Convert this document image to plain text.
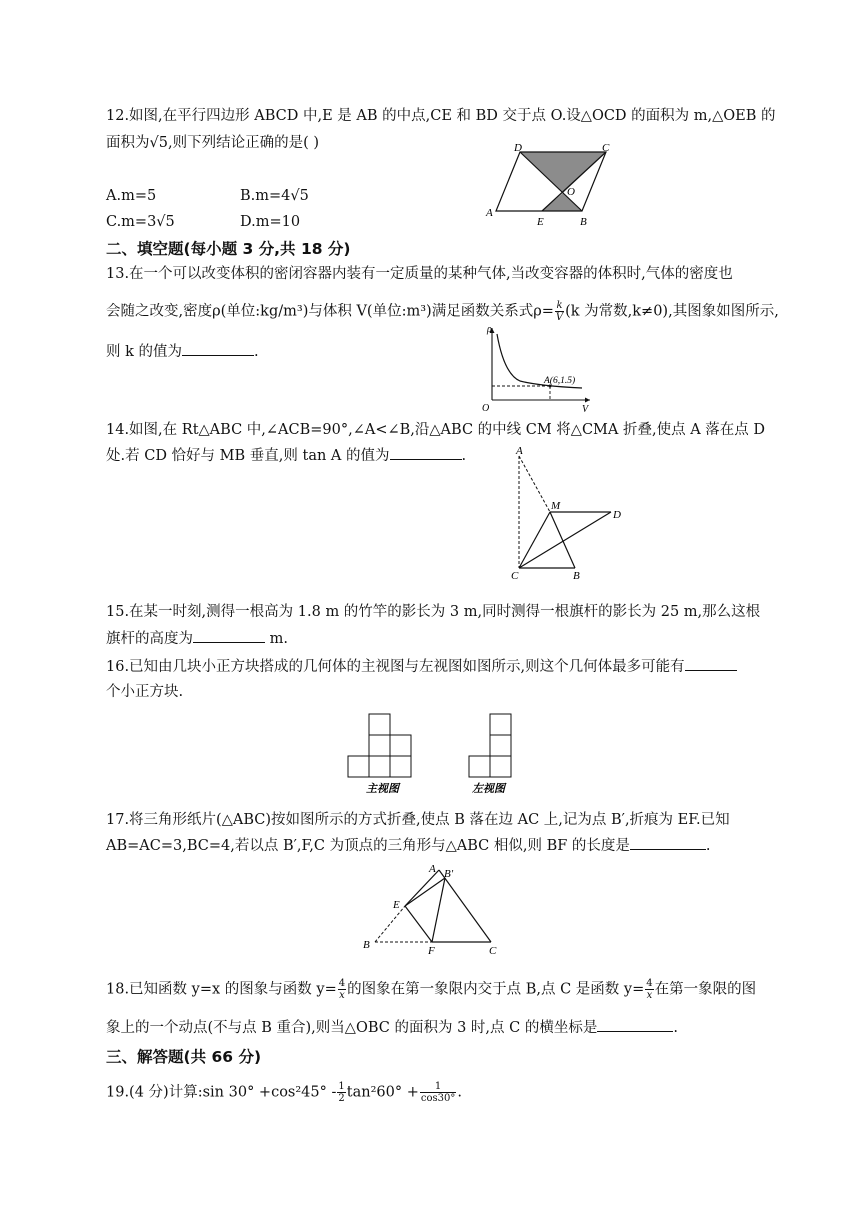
12.如图,在平行四边形 ABCD 中,E 是 AB 的中点,CE 和 BD 交于点 O.设△OCD 的面积为 m,△OEB 的
面积为√5,则下列结论正确的是( )
A.m=5	B.m=4√5
C.m=3√5	D.m=10
D	C
O
A
E	B
二、填空题(每小题 3 分,共 18 分)
13.在一个可以改变体积的密闭容器内装有一定质量的某种气体,当改变容器的体积时,气体的密度也
会随之改变,密度ρ(单位:kg/m³)与体积 V(单位:m³)满足函数关系式$\rho= \frac{k}{V} (k$ 为常数,k≠0),其图象如图所示,
则 k 的值为	.
ρ
V
O
A(6,1.5)
14.如图,在 Rt△ABC 中,∠ACB=90°,∠A<∠B,沿△ABC 的中线 CM 将△CMA 折叠,使点 A 落在点 D
处.若 CD 恰好与 MB 垂直,则 tan A 的值为	.	A
M
D
C	B
15.在某一时刻,测得一根高为 1.8 m 的竹竿的影长为 3 m,同时测得一根旗杆的影长为 25 m,那么这根
旗杆的高度为	m.
16.已知由几块小正方块搭成的几何体的主视图与左视图如图所示,则这个几何体最多可能有
个小正方块.
主视图	左视图
17.将三角形纸片(△ABC)按如图所示的方式折叠,使点 B 落在边 AC 上,记为点 B′,折痕为 EF.已知
AB=AC=3,BC=4,若以点 B′,F,C 为顶点的三角形与△ABC 相似,则 BF 的长度是	.
A B′
E
B	F	C
18.已知函数 y=x 的图象与函数 $y= \frac{4}{x}$ 的图象在第一象限内交于点 B,点 C 是函数 $y= \frac{4}{x}$ 在第一象限的图
象上的一个动点(不与点 B 重合),则当△OBC 的面积为 3 时,点 C 的横坐标是	.
三、解答题(共 66 分)
19.(4 分)计算:sin $30^\circ +\cos^245^\circ - \frac{1}{2} \tan^260^\circ + \frac{1}{\cos 30^\circ}$ .
